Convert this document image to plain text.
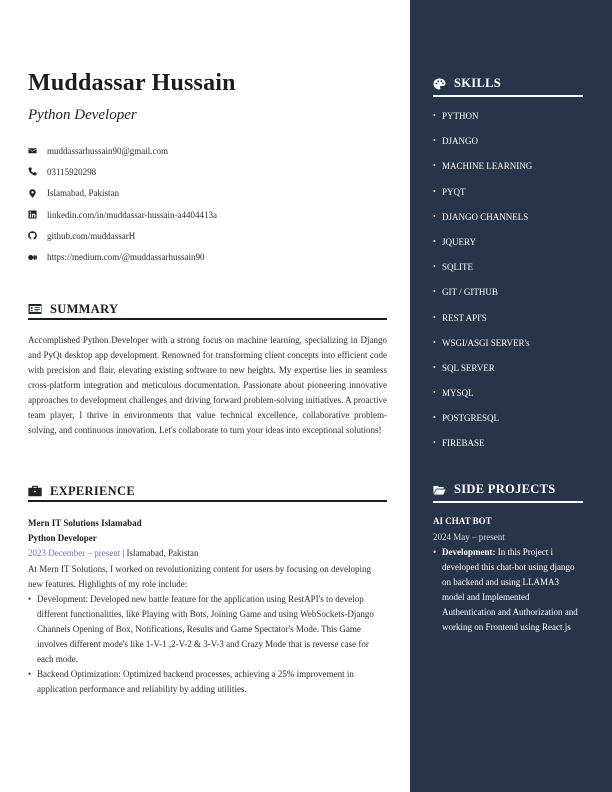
Muddassar Hussain
Python Developer
muddassarhussain90@gmail.com
03115920298
Islamabad, Pakistan
linkedin.com/in/muddassar-hussain-a4404413a
github.com/muddassarH
https://medium.com/@muddassarhussain90
SUMMARY

Accomplished Python Developer with a strong focus on machine learning, specializing in Django and PyQt desktop app development. Renowned for transforming client concepts into efficient code with precision and flair, elevating existing software to new heights. My expertise lies in seamless cross-platform integration and meticulous documentation. Passionate about pioneering innovative approaches to development challenges and driving forward problem-solving initiatives. A proactive team player, I thrive in environments that value technical excellence, collaborative problem-solving, and continuous innovation. Let's collaborate to turn your ideas into exceptional solutions!

EXPERIENCE
Mern IT Solutions Islamabad
Python Developer
2023 December – present | Islamabad, Pakistan
At Mern IT Solutions, I worked on revolutionizing content for users by focusing on developing new features. Highlights of my role include:
• Development: Developed new battle feature for the application using RestAPI's to develop different functionalities, like Playing with Bots, Joining Game and using WebSockets-Django Channels Opening of Box, Notifications, Results and Game Spectator's Mode. This Game involves different mode's like 1-V-1 ,2-V-2 & 3-V-3 and Crazy Mode that is reverse case for each mode.
• Backend Optimization: Optimized backend processes, achieving a 25% improvement in application performance and reliability by adding utilities.
SKILLS
• PYTHON
• DJANGO
• MACHINE LEARNING
• PYQT
• DJANGO CHANNELS
• JQUERY
• SQLITE
• GIT / GITHUB
• REST API'S
• WSGI/ASGI SERVER's
• SQL SERVER
• MYSQL
• POSTGRESQL
• FIREBASE
SIDE PROJECTS
AI CHAT BOT
2024 May – present
• Development: In this Project i developed this chat-bot using django on backend and using LLAMA3 model and Implemented Authentication and Authorization and working on Frontend using React.js
